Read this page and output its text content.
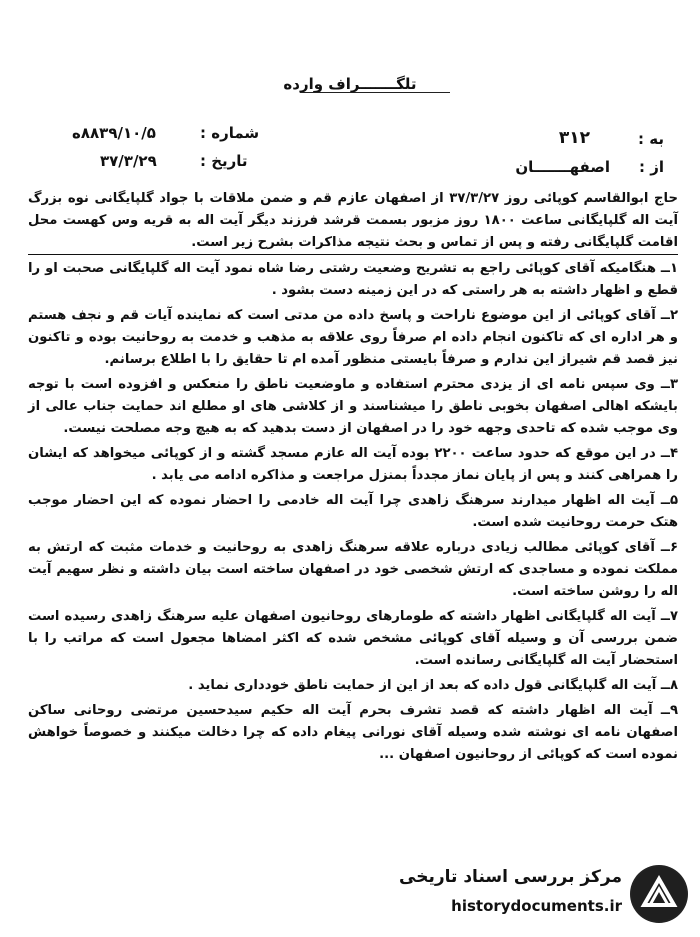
تلگـــــــراف وارده
به :
۳۱۲
از :
اصفهـــــــان
شماره :
۸۸۳۹/۱۰/۵ه
تاریخ :
۳۷/۳/۲۹

حاج ابوالقاسم کوپائی روز ۳۷/۳/۲۷ از اصفهان عازم قم و ضمن ملاقات با جواد گلپایگانی نوه بزرگ آیت اله گلپایگانی ساعت ۱۸۰۰ روز مزبور بسمت قرشد فرزند دیگر آیت اله به قریه وس کهست محل اقامت گلپایگانی رفته و پس از تماس و بحث نتیجه مذاکرات بشرح زیر است.

۱ــ هنگامیکه آقای کوپائی راجع به تشریح وضعیت رشتی رضا شاه نمود آیت اله گلپایگانی صحبت او را قطع و اظهار داشته به هر راستی که در این زمینه دست بشود .

۲ــ آقای کوپائی از این موضوع ناراحت و پاسخ داده من مدتی است که نماینده آیات قم و نجف هستم و هر اداره ای که تاکنون انجام داده ام صرفاً روی علاقه به مذهب و خدمت به روحانیت بوده و تاکنون نیز قصد قم شیراز این ندارم و صرفاً بایستی منظور آمده ام تا حقایق را با اطلاع برسانم.

۳ــ وی سپس نامه ای از یزدی محترم استفاده و ماوضعیت ناطق را منعکس و افزوده است با توجه بایشکه اهالی اصفهان بخوبی ناطق را میشناسند و از کلاشی های او مطلع اند حمایت جناب عالی از وی موجب شده که تاحدی وجهه خود را در اصفهان از دست بدهید که به هیچ وجه مصلحت نیست.

۴ــ در این موقع که حدود ساعت ۲۲۰۰ بوده آیت اله عازم مسجد گشته و از کوپائی میخواهد که ایشان را همراهی کنند و پس از پایان نماز مجدداً بمنزل مراجعت و مذاکره ادامه می یابد .

۵ــ آیت اله اظهار میدارند سرهنگ زاهدی چرا آیت اله خادمی را احضار نموده که این احضار موجب هتک حرمت روحانیت شده است.

۶ــ آقای کوپائی مطالب زیادی درباره علاقه سرهنگ زاهدی به روحانیت و خدمات مثبت که ارتش به مملکت نموده و مساجدی که ارتش شخصی خود در اصفهان ساخته است بیان داشته و نظر سهیم آیت اله را روشن ساخته است.

۷ــ آیت اله گلپایگانی اظهار داشته که طومارهای روحانیون اصفهان علیه سرهنگ زاهدی رسیده است ضمن بررسی آن و وسیله آقای کوپائی مشخص شده که اکثر امضاها مجعول است که مراتب را با استحضار آیت اله گلپایگانی رسانده است.

۸ــ آیت اله گلپایگانی قول داده که بعد از این از حمایت ناطق خودداری نماید .

۹ــ آیت اله اظهار داشته که قصد تشرف بحرم آیت اله حکیم سیدحسین مرتضی روحانی ساکن اصفهان نامه ای نوشته شده وسیله آقای نورانی پیغام داده که چرا دخالت میکنند و خصوصاً خواهش نموده است که کوپائی از روحانیون اصفهان ...

مرکز بررسی اسناد تاریخی
historydocuments.ir
